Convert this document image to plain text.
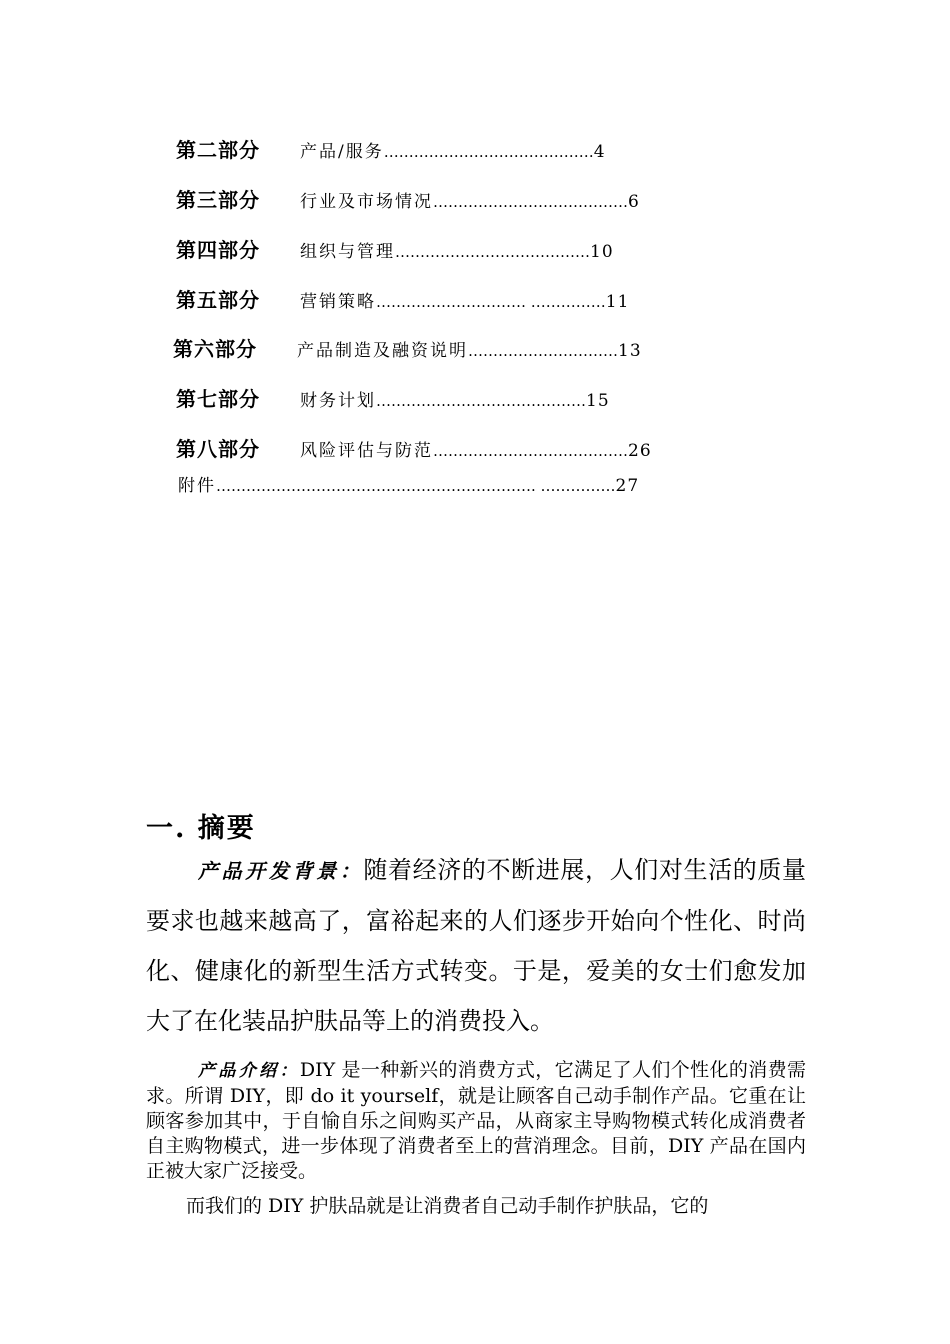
第二部分 产品/服务……………………………………4
第三部分 行业及市场情况…………………………………6
第四部分 组织与管理…………………………………10
第五部分 营销策略………………………… ……………11
第六部分 产品制造及融资说明…………………………13
第七部分 财务计划……………………………………15
第八部分 风险评估与防范…………………………………26
附件………………………………………………………. ……………27
一. 摘要
产品开发背景：随着经济的不断进展，人们对生活的质量要求也越来越高了，富裕起来的人们逐步开始向个性化、时尚化、健康化的新型生活方式转变。于是，爱美的女士们愈发加大了在化装品护肤品等上的消费投入。
产品介绍：DIY 是一种新兴的消费方式，它满足了人们个性化的消费需求。所谓 DIY，即 do it yourself，就是让顾客自己动手制作产品。它重在让顾客参加其中，于自愉自乐之间购买产品，从商家主导购物模式转化成消费者自主购物模式，进一步体现了消费者至上的营消理念。目前，DIY 产品在国内正被大家广泛接受。
而我们的 DIY 护肤品就是让消费者自己动手制作护肤品，它的
